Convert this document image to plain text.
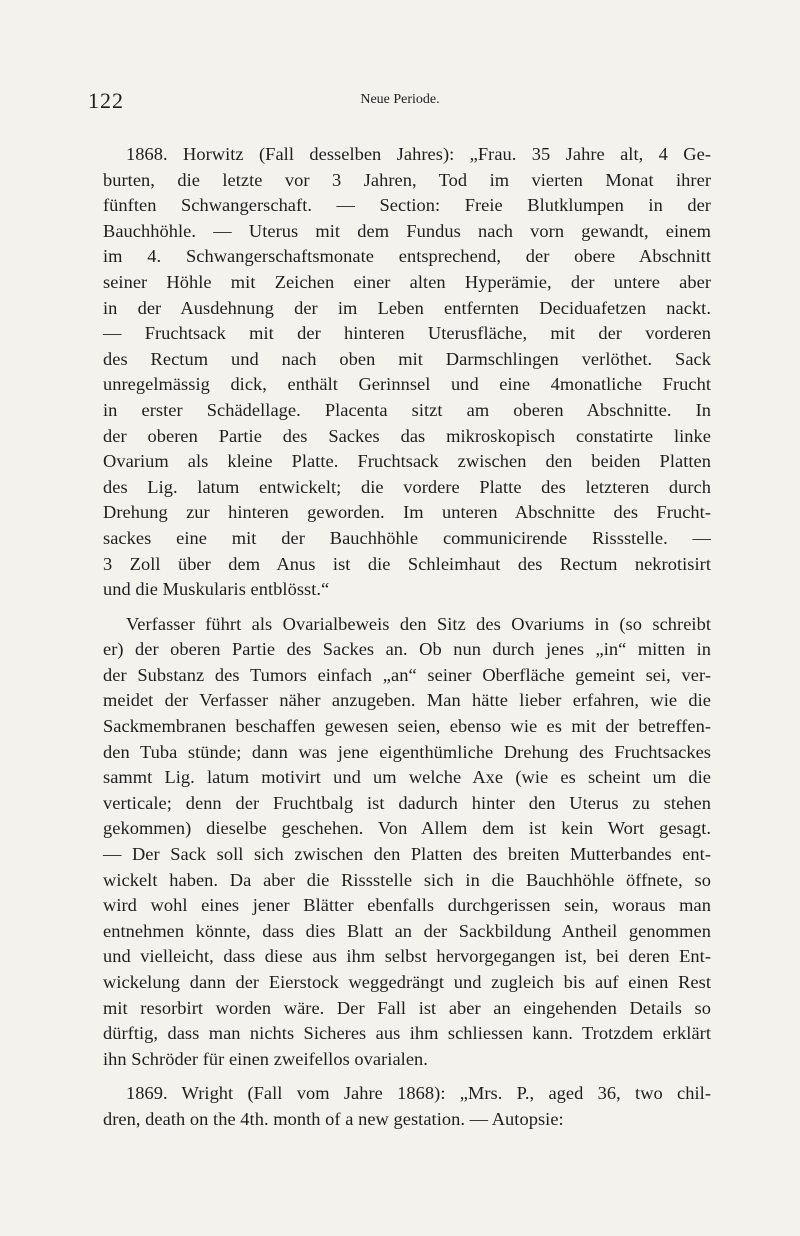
122	Neue Periode.

1868. Horwitz (Fall desselben Jahres): „Frau. 35 Jahre alt, 4 Ge-
burten, die letzte vor 3 Jahren, Tod im vierten Monat ihrer
fünften Schwangerschaft. — Section: Freie Blutklumpen in der
Bauchhöhle. — Uterus mit dem Fundus nach vorn gewandt, einem
im 4. Schwangerschaftsmonate entsprechend, der obere Abschnitt
seiner Höhle mit Zeichen einer alten Hyperämie, der untere aber
in der Ausdehnung der im Leben entfernten Deciduafetzen nackt.
— Fruchtsack mit der hinteren Uterusfläche, mit der vorderen
des Rectum und nach oben mit Darmschlingen verlöthet. Sack
unregelmässig dick, enthält Gerinnsel und eine 4monatliche Frucht
in erster Schädellage. Placenta sitzt am oberen Abschnitte. In
der oberen Partie des Sackes das mikroskopisch constatirte linke
Ovarium als kleine Platte. Fruchtsack zwischen den beiden Platten
des Lig. latum entwickelt; die vordere Platte des letzteren durch
Drehung zur hinteren geworden. Im unteren Abschnitte des Frucht-
sackes eine mit der Bauchhöhle communicirende Rissstelle. —
3 Zoll über dem Anus ist die Schleimhaut des Rectum nekrotisirt
und die Muskularis entblösst.“

Verfasser führt als Ovarialbeweis den Sitz des Ovariums in (so schreibt
er) der oberen Partie des Sackes an. Ob nun durch jenes „in“ mitten in
der Substanz des Tumors einfach „an“ seiner Oberfläche gemeint sei, ver-
meidet der Verfasser näher anzugeben. Man hätte lieber erfahren, wie die
Sackmembranen beschaffen gewesen seien, ebenso wie es mit der betreffen-
den Tuba stünde; dann was jene eigenthümliche Drehung des Fruchtsackes
sammt Lig. latum motivirt und um welche Axe (wie es scheint um die
verticale; denn der Fruchtbalg ist dadurch hinter den Uterus zu stehen
gekommen) dieselbe geschehen. Von Allem dem ist kein Wort gesagt.
— Der Sack soll sich zwischen den Platten des breiten Mutterbandes ent-
wickelt haben. Da aber die Rissstelle sich in die Bauchhöhle öffnete, so
wird wohl eines jener Blätter ebenfalls durchgerissen sein, woraus man
entnehmen könnte, dass dies Blatt an der Sackbildung Antheil genommen
und vielleicht, dass diese aus ihm selbst hervorgegangen ist, bei deren Ent-
wickelung dann der Eierstock weggedrängt und zugleich bis auf einen Rest
mit resorbirt worden wäre. Der Fall ist aber an eingehenden Details so
dürftig, dass man nichts Sicheres aus ihm schliessen kann. Trotzdem erklärt
ihn Schröder für einen zweifellos ovarialen.

1869. Wright (Fall vom Jahre 1868): „Mrs. P., aged 36, two chil-
dren, death on the 4th. month of a new gestation. — Autopsie:
